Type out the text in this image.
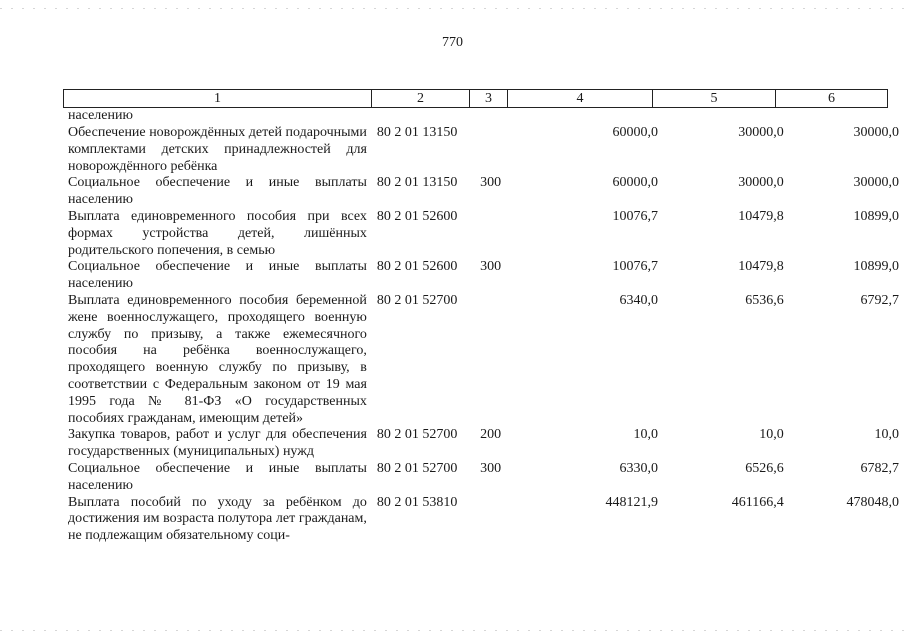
770
1	2	3	4	5	6
населению					
Обеспечение новорождённых детей подарочными комплектами детских принадлежностей для новорождённого ребёнка	80 2 01 13150		60000,0	30000,0	30000,0
Социальное обеспечение и иные выплаты населению	80 2 01 13150	300	60000,0	30000,0	30000,0
Выплата единовременного пособия при всех формах устройства детей, лишённых родительского попечения, в семью	80 2 01 52600		10076,7	10479,8	10899,0
Социальное обеспечение и иные выплаты населению	80 2 01 52600	300	10076,7	10479,8	10899,0
Выплата единовременного пособия беременной жене военнослужащего, проходящего военную службу по призыву, а также ежемесячного пособия на ребёнка военнослужащего, проходящего военную службу по призыву, в соответствии с Федеральным законом от 19 мая 1995 года № 81-ФЗ «О государственных пособиях гражданам, имеющим детей»	80 2 01 52700		6340,0	6536,6	6792,7
Закупка товаров, работ и услуг для обеспечения государственных (муниципальных) нужд	80 2 01 52700	200	10,0	10,0	10,0
Социальное обеспечение и иные выплаты населению	80 2 01 52700	300	6330,0	6526,6	6782,7
Выплата пособий по уходу за ребёнком до достижения им возраста полутора лет гражданам, не подлежащим обязательному соци-	80 2 01 53810		448121,9	461166,4	478048,0
